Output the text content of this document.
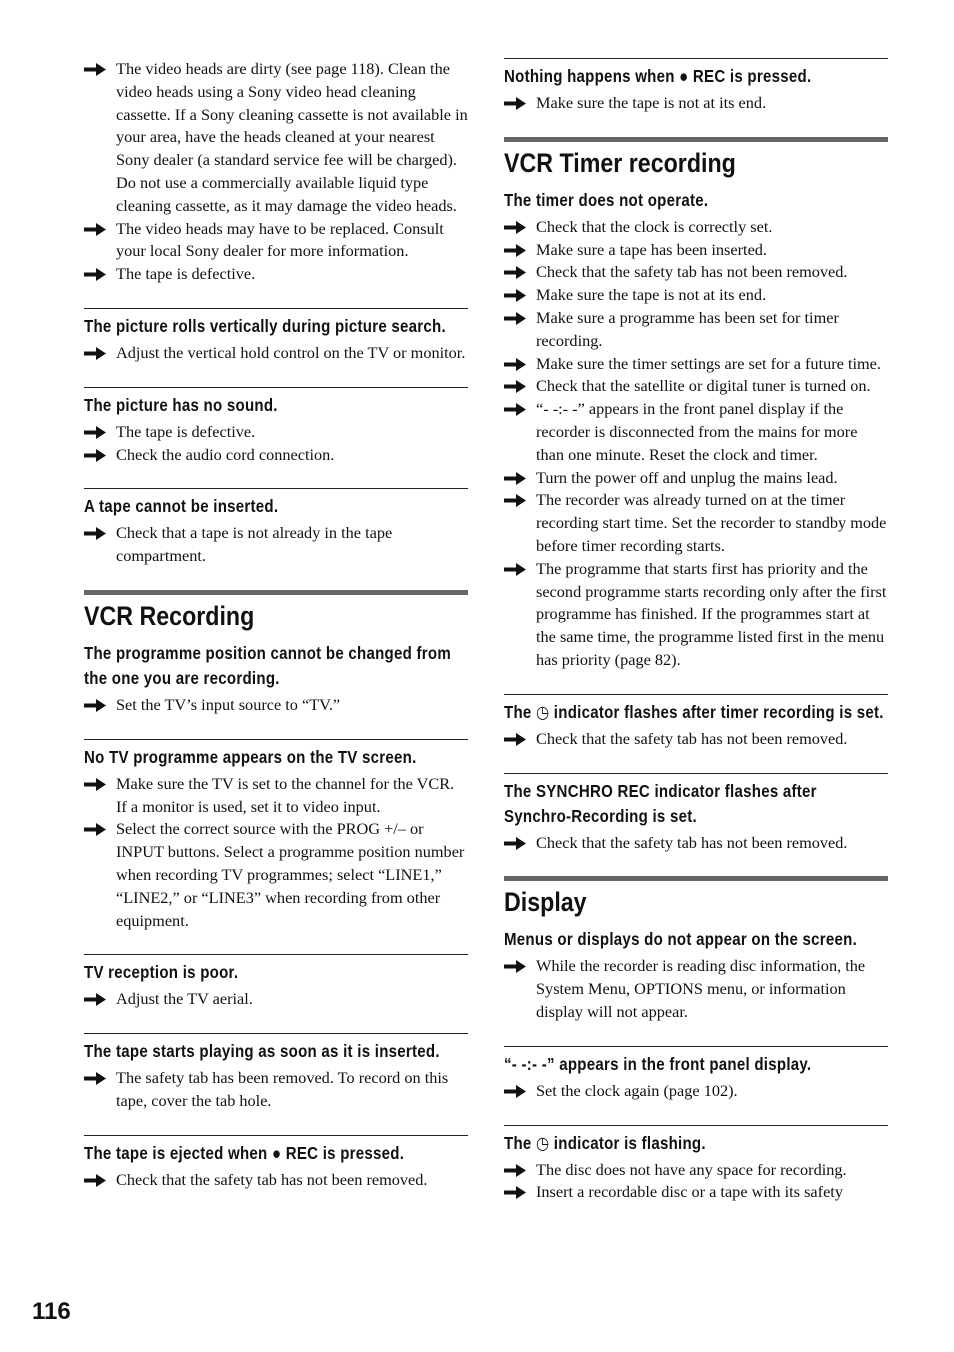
The video heads are dirty (see page 118). Clean the video heads using a Sony video head cleaning cassette. If a Sony cleaning cassette is not available in your area, have the heads cleaned at your nearest Sony dealer (a standard service fee will be charged). Do not use a commercially available liquid type cleaning cassette, as it may damage the video heads.
The video heads may have to be replaced. Consult your local Sony dealer for more information.
The tape is defective.
The picture rolls vertically during picture search.
Adjust the vertical hold control on the TV or monitor.
The picture has no sound.
The tape is defective.
Check the audio cord connection.
A tape cannot be inserted.
Check that a tape is not already in the tape compartment.
VCR Recording
The programme position cannot be changed from the one you are recording.
Set the TV’s input source to “TV.”
No TV programme appears on the TV screen.
Make sure the TV is set to the channel for the VCR. If a monitor is used, set it to video input.
Select the correct source with the PROG +/– or INPUT buttons. Select a programme position number when recording TV programmes; select “LINE1,” “LINE2,” or “LINE3” when recording from other equipment.
TV reception is poor.
Adjust the TV aerial.
The tape starts playing as soon as it is inserted.
The safety tab has been removed. To record on this tape, cover the tab hole.
The tape is ejected when ● REC is pressed.
Check that the safety tab has not been removed.
Nothing happens when ● REC is pressed.
Make sure the tape is not at its end.
VCR Timer recording
The timer does not operate.
Check that the clock is correctly set.
Make sure a tape has been inserted.
Check that the safety tab has not been removed.
Make sure the tape is not at its end.
Make sure a programme has been set for timer recording.
Make sure the timer settings are set for a future time.
Check that the satellite or digital tuner is turned on.
“- -:- -” appears in the front panel display if the recorder is disconnected from the mains for more than one minute. Reset the clock and timer.
Turn the power off and unplug the mains lead.
The recorder was already turned on at the timer recording start time. Set the recorder to standby mode before timer recording starts.
The programme that starts first has priority and the second programme starts recording only after the first programme has finished. If the programmes start at the same time, the programme listed first in the menu has priority (page 82).
The ◷ indicator flashes after timer recording is set.
Check that the safety tab has not been removed.
The SYNCHRO REC indicator flashes after Synchro-Recording is set.
Check that the safety tab has not been removed.
Display
Menus or displays do not appear on the screen.
While the recorder is reading disc information, the System Menu, OPTIONS menu, or information display will not appear.
“- -:- -” appears in the front panel display.
Set the clock again (page 102).
The ◷ indicator is flashing.
The disc does not have any space for recording.
Insert a recordable disc or a tape with its safety
116
